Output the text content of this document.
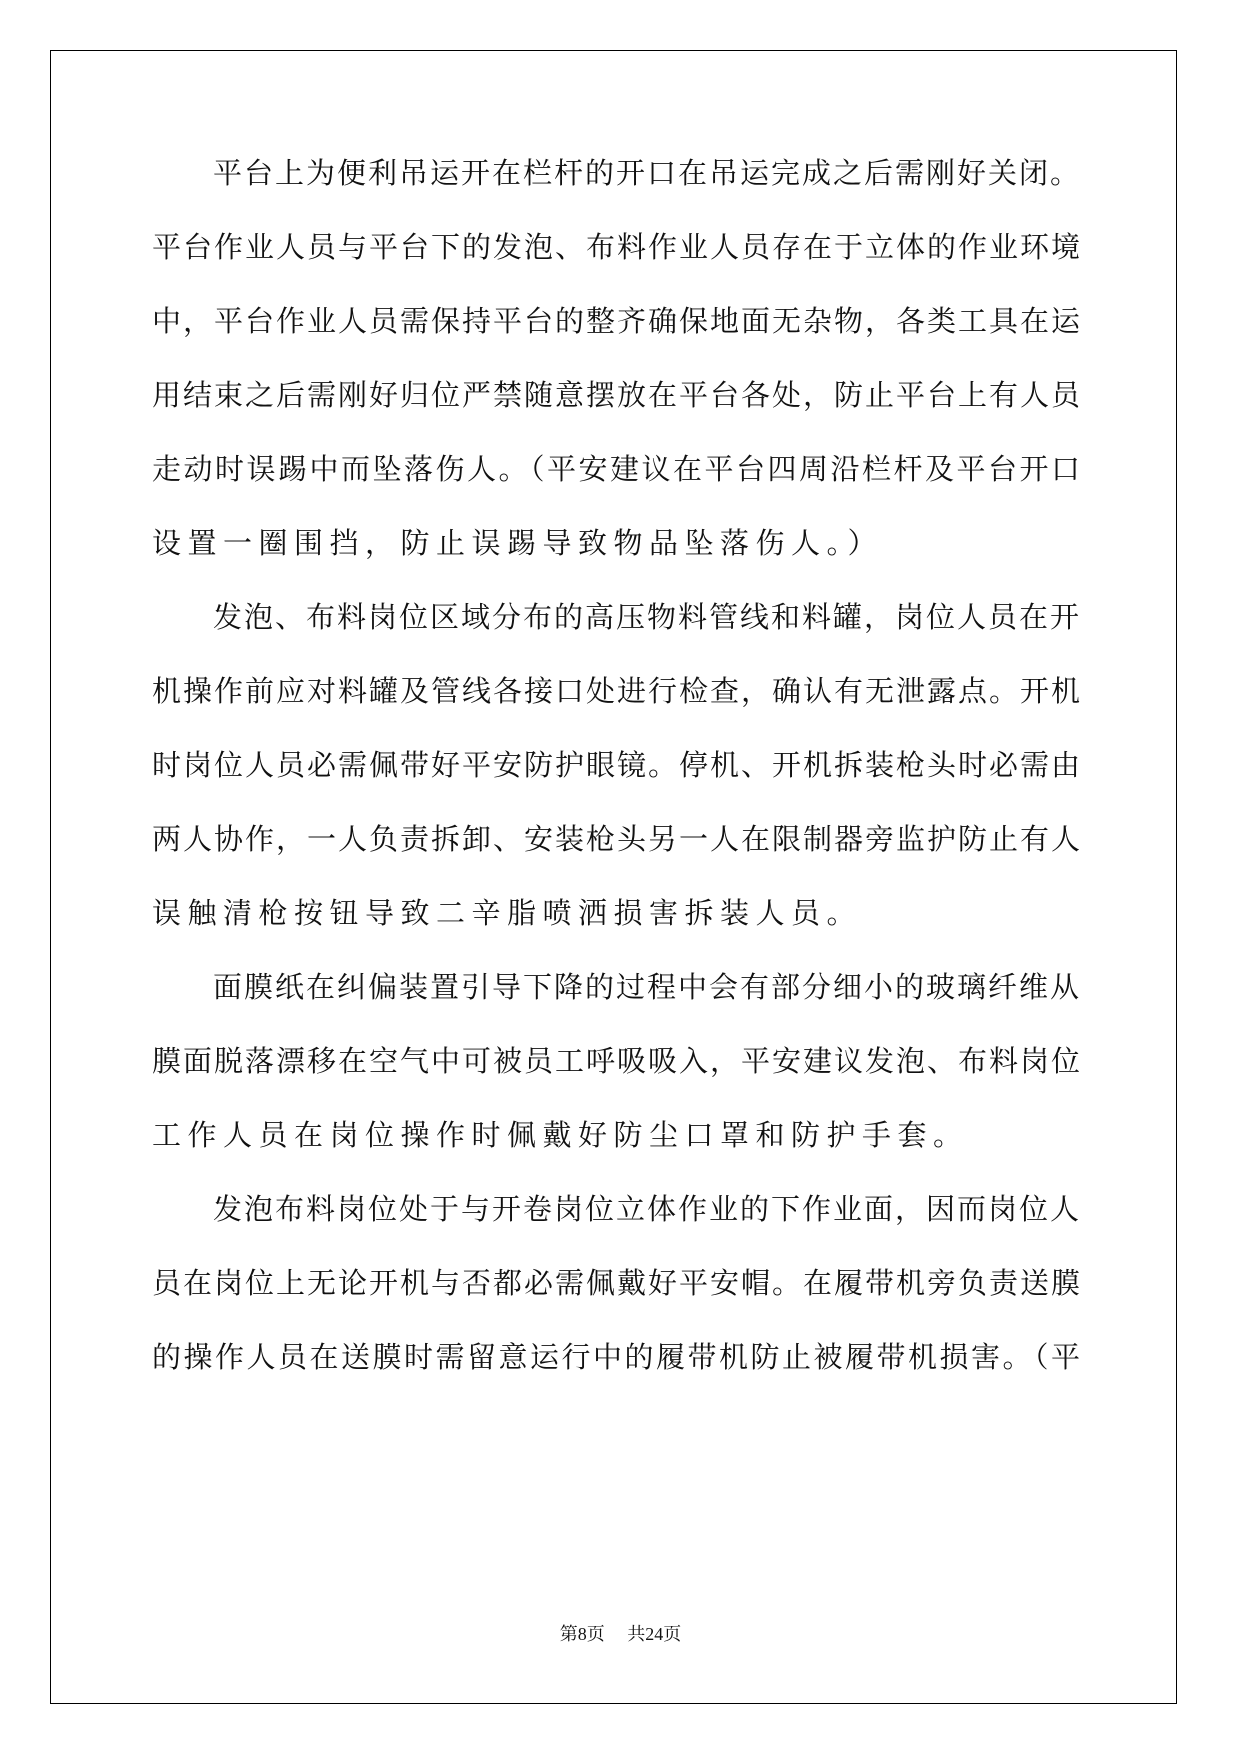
平台上为便利吊运开在栏杆的开口在吊运完成之后需刚好关闭。
平台作业人员与平台下的发泡、布料作业人员存在于立体的作业环境
中，平台作业人员需保持平台的整齐确保地面无杂物，各类工具在运
用结束之后需刚好归位严禁随意摆放在平台各处，防止平台上有人员
走动时误踢中而坠落伤人。（平安建议在平台四周沿栏杆及平台开口
设置一圈围挡，防止误踢导致物品坠落伤人。）
发泡、布料岗位区域分布的高压物料管线和料罐，岗位人员在开
机操作前应对料罐及管线各接口处进行检查，确认有无泄露点。开机
时岗位人员必需佩带好平安防护眼镜。停机、开机拆装枪头时必需由
两人协作，一人负责拆卸、安装枪头另一人在限制器旁监护防止有人
误触清枪按钮导致二辛脂喷洒损害拆装人员。
面膜纸在纠偏装置引导下降的过程中会有部分细小的玻璃纤维从
膜面脱落漂移在空气中可被员工呼吸吸入，平安建议发泡、布料岗位
工作人员在岗位操作时佩戴好防尘口罩和防护手套。
发泡布料岗位处于与开卷岗位立体作业的下作业面，因而岗位人
员在岗位上无论开机与否都必需佩戴好平安帽。在履带机旁负责送膜
的操作人员在送膜时需留意运行中的履带机防止被履带机损害。（平
第8页 共24页
